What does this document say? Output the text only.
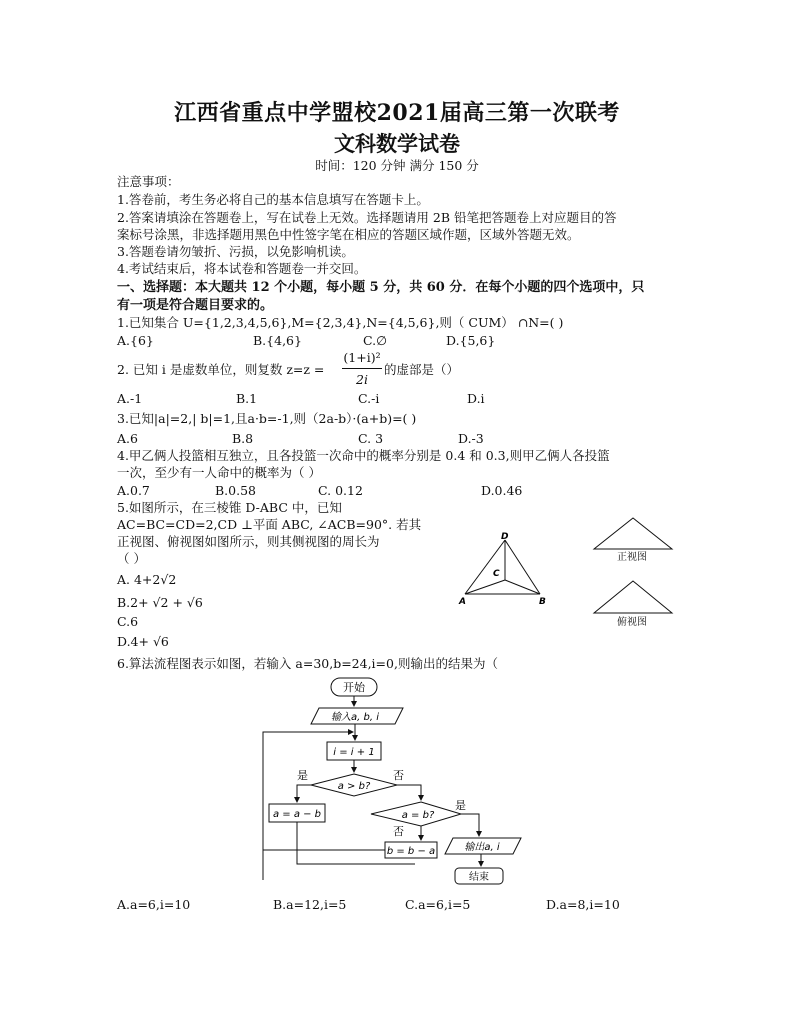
江西省重点中学盟校2021届高三第一次联考
文科数学试卷
时间：120 分钟 满分 150 分
注意事项：
1.答卷前，考生务必将自己的基本信息填写在答题卡上。
2.答案请填涂在答题卷上，写在试卷上无效。选择题请用 2B 铅笔把答题卷上对应题目的答
案标号涂黑，非选择题用黑色中性签字笔在相应的答题区域作题，区域外答题无效。
3.答题卷请勿皱折、污损，以免影响机读。
4.考试结束后，将本试卷和答题卷一并交回。
一、选择题：本大题共 12 个小题，每小题 5 分，共 60 分．在每个小题的四个选项中，只
有一项是符合题目要求的。
1.已知集合 U={1,2,3,4,5,6},M={2,3,4},N={4,5,6},则（ CUM） ∩N=( )
A.{6}	B.{4,6}	C.∅	D.{5,6}
2. 已知 i 是虚数单位，则复数 z=z =
(1+i)²
2i
的虚部是（）
A.-1	B.1	C.-i	D.i
3.已知|a|=2,| b|=1,且a·b=-1,则（2a-b）·(a+b)=( )
A.6	B.8	C. 3	D.-3
4.甲乙俩人投篮相互独立，且各投篮一次命中的概率分别是 0.4 和 0.3,则甲乙俩人各投篮
一次，至少有一人命中的概率为（ ）
A.0.7	B.0.58	C. 0.12	D.0.46
5.如图所示，在三棱锥 D-ABC 中，已知
AC=BC=CD=2,CD ⊥平面 ABC, ∠ACB=90°. 若其
正视图、俯视图如图所示，则其侧视图的周长为
（ ）
A. 4+2√2
B.2+ √2 + √6
C.6
D.4+ √6
D
C
A	B
正视图
俯视图
6.算法流程图表示如图，若输入 a=30,b=24,i=0,则输出的结果为（
开始
输入a, b, i
i = i + 1
a > b?
是	否
a = a − b	a = b?
是
否
b = b − a	输出a, i
结束
A.a=6,i=10	B.a=12,i=5	C.a=6,i=5	D.a=8,i=10
